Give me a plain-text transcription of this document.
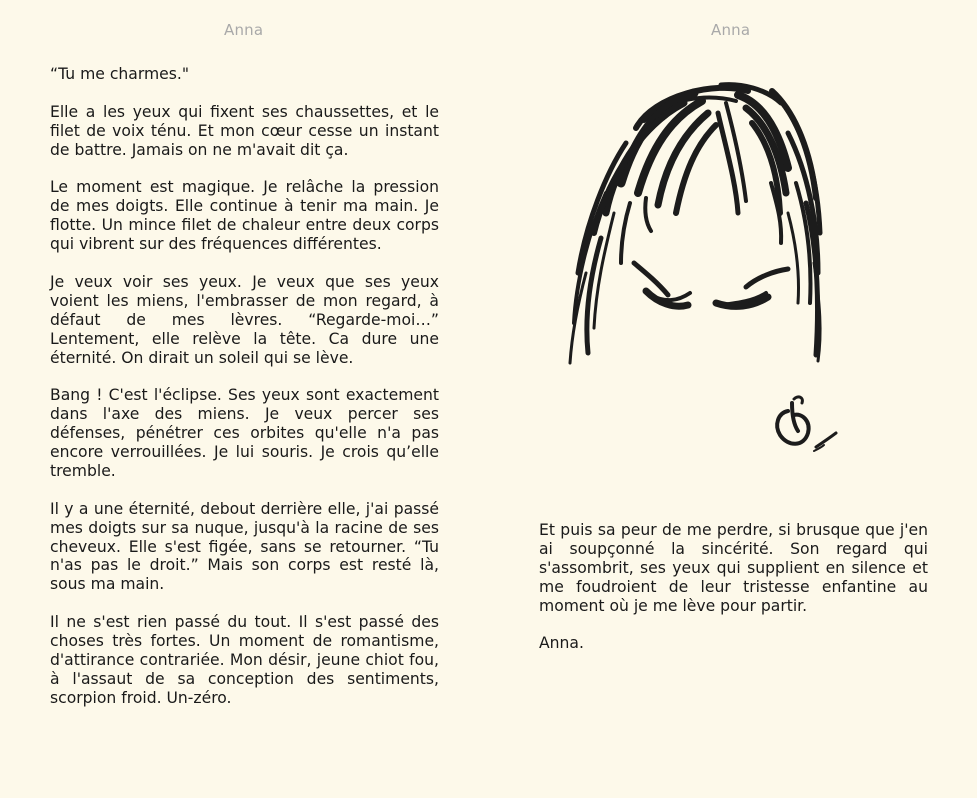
Anna

“Tu me charmes."

Elle a les yeux qui fixent ses chaussettes, et le filet de voix ténu. Et mon cœur cesse un instant de battre. Jamais on ne m'avait dit ça.

Le moment est magique. Je relâche la pression de mes doigts. Elle continue à tenir ma main. Je flotte. Un mince filet de chaleur entre deux corps qui vibrent sur des fréquences différentes.

Je veux voir ses yeux. Je veux que ses yeux voient les miens, l'embrasser de mon regard, à défaut de mes lèvres. “Regarde-moi…” Lentement, elle relève la tête. Ca dure une éternité. On dirait un soleil qui se lève.

Bang ! C'est l'éclipse. Ses yeux sont exactement dans l'axe des miens. Je veux percer ses défenses, pénétrer ces orbites qu'elle n'a pas encore verrouillées. Je lui souris. Je crois qu’elle tremble.

Il y a une éternité, debout derrière elle, j'ai passé mes doigts sur sa nuque, jusqu'à la racine de ses cheveux. Elle s'est figée, sans se retourner. “Tu n'as pas le droit.” Mais son corps est resté là, sous ma main.

Il ne s'est rien passé du tout. Il s'est passé des choses très fortes. Un moment de romantisme, d'attirance contrariée. Mon désir, jeune chiot fou, à l'assaut de sa conception des sentiments, scorpion froid. Un-zéro.

Anna

Et puis sa peur de me perdre, si brusque que j'en ai soupçonné la sincérité. Son regard qui s'assombrit, ses yeux qui supplient en silence et me foudroient de leur tristesse enfantine au moment où je me lève pour partir.

Anna.
